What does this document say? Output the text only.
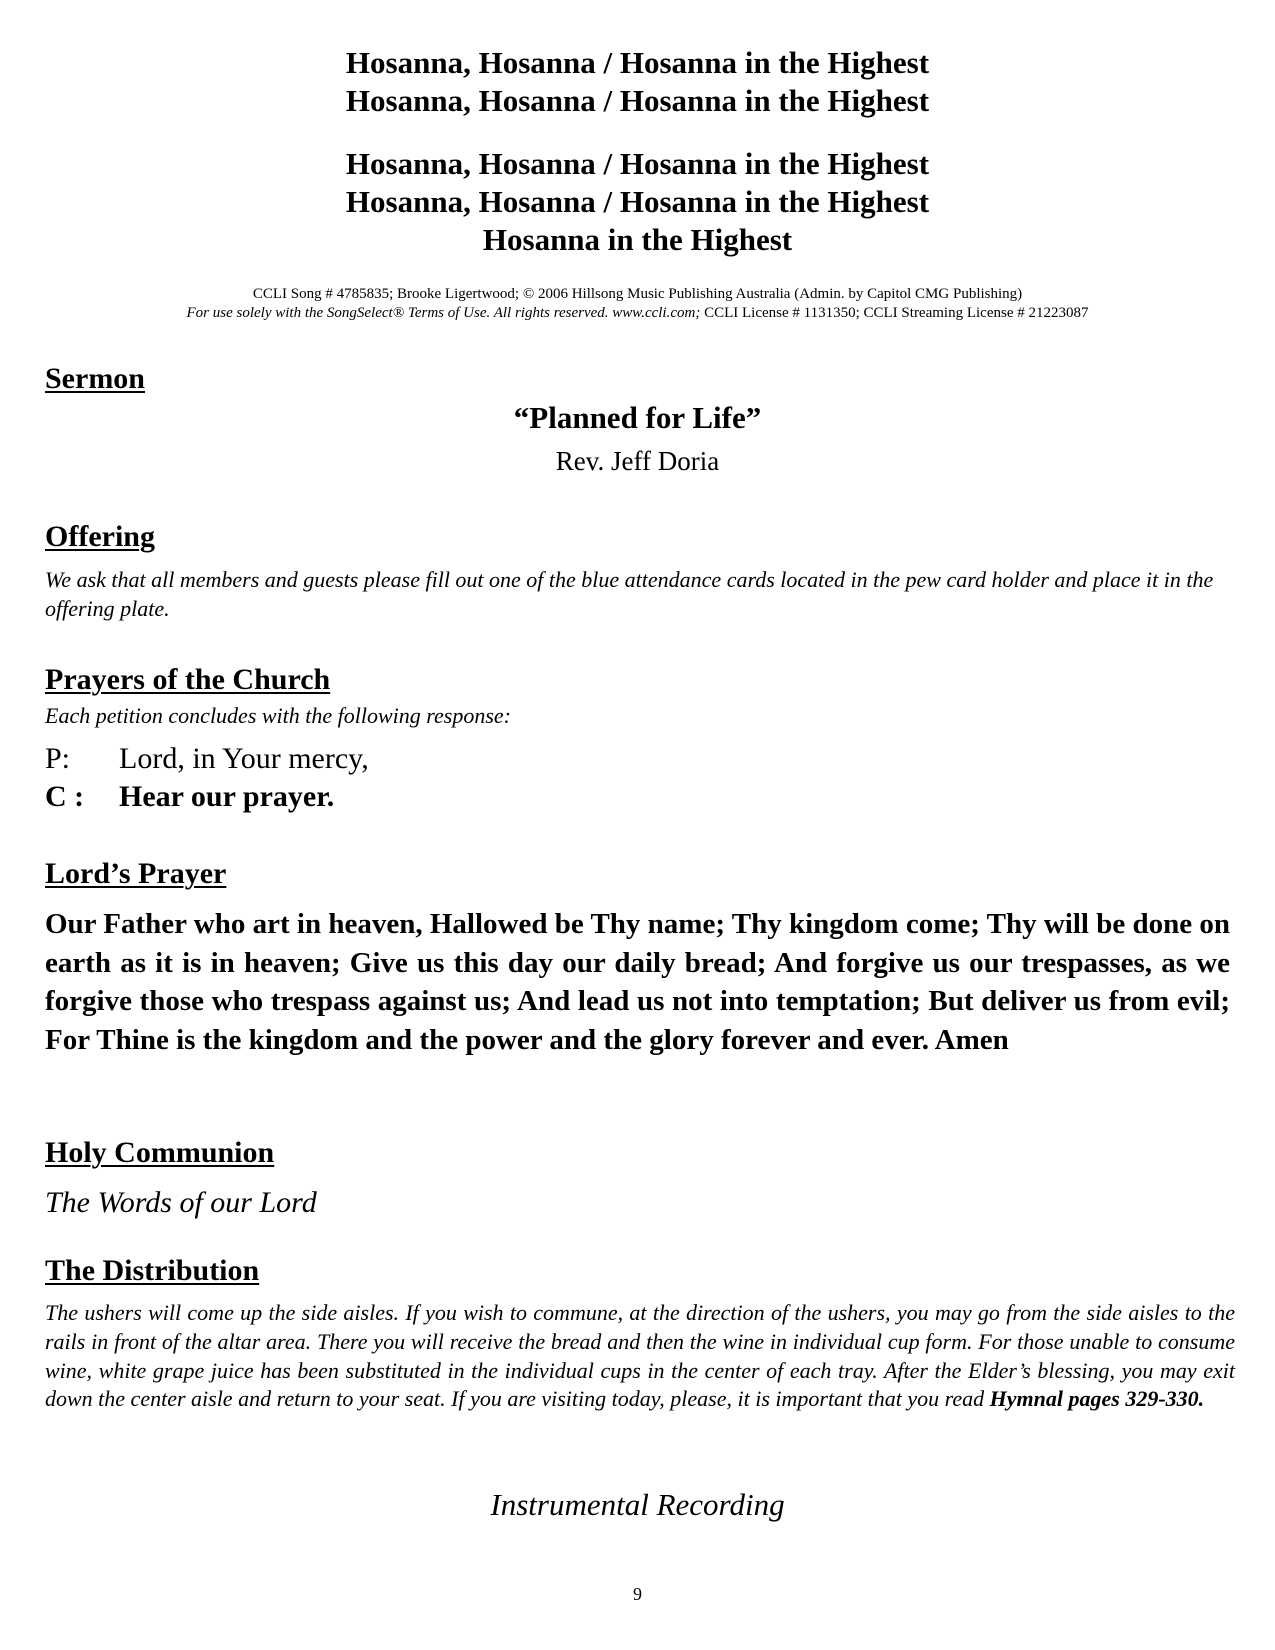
Hosanna, Hosanna / Hosanna in the Highest
Hosanna, Hosanna / Hosanna in the Highest
Hosanna, Hosanna / Hosanna in the Highest
Hosanna, Hosanna / Hosanna in the Highest
Hosanna in the Highest
CCLI Song # 4785835; Brooke Ligertwood; © 2006 Hillsong Music Publishing Australia (Admin. by Capitol CMG Publishing)
For use solely with the SongSelect® Terms of Use. All rights reserved. www.ccli.com; CCLI License # 1131350; CCLI Streaming License # 21223087
Sermon
“Planned for Life”
Rev. Jeff Doria
Offering
We ask that all members and guests please fill out one of the blue attendance cards located in the pew card holder and place it in the offering plate.
Prayers of the Church
Each petition concludes with the following response:
P: Lord, in Your mercy,
C : Hear our prayer.
Lord’s Prayer
Our Father who art in heaven, Hallowed be Thy name; Thy kingdom come; Thy will be done on earth as it is in heaven; Give us this day our daily bread; And forgive us our trespasses, as we forgive those who trespass against us; And lead us not into temptation; But deliver us from evil; For Thine is the kingdom and the power and the glory forever and ever. Amen
Holy Communion
The Words of our Lord
The Distribution
The ushers will come up the side aisles. If you wish to commune, at the direction of the ushers, you may go from the side aisles to the rails in front of the altar area. There you will receive the bread and then the wine in individual cup form. For those unable to consume wine, white grape juice has been substituted in the individual cups in the center of each tray. After the Elder’s blessing, you may exit down the center aisle and return to your seat. If you are visiting today, please, it is important that you read Hymnal pages 329-330.
Instrumental Recording
9
